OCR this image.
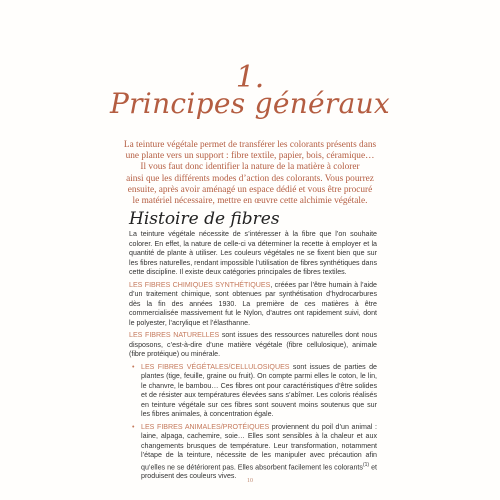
1.
Principes généraux
La teinture végétale permet de transférer les colorants présents dans
une plante vers un support : fibre textile, papier, bois, céramique…
Il vous faut donc identifier la nature de la matière à colorer
ainsi que les différents modes d’action des colorants. Vous pourrez
ensuite, après avoir aménagé un espace dédié et vous être procuré
le matériel nécessaire, mettre en œuvre cette alchimie végétale.
Histoire de fibres

La teinture végétale nécessite de s’intéresser à la fibre que l’on souhaite colorer. En effet, la nature de celle-ci va déterminer la recette à employer et la quantité de plante à utiliser. Les couleurs végétales ne se fixent bien que sur les fibres naturelles, rendant impossible l’utilisation de fibres synthétiques dans cette discipline. Il existe deux catégories principales de fibres textiles.

LES FIBRES CHIMIQUES SYNTHÉTIQUES, créées par l’être humain à l’aide d’un traitement chimique, sont obtenues par synthétisation d’hydrocarbures dès la fin des années 1930. La première de ces matières à être commercialisée massivement fut le Nylon, d’autres ont rapidement suivi, dont le polyester, l’acrylique et l’élasthanne.

LES FIBRES NATURELLES sont issues des ressources naturelles dont nous disposons, c’est-à-dire d’une matière végétale (fibre cellulosique), animale (fibre protéique) ou minérale.

• LES FIBRES VÉGÉTALES/CELLULOSIQUES sont issues de parties de plantes (tige, feuille, graine ou fruit). On compte parmi elles le coton, le lin, le chanvre, le bambou… Ces fibres ont pour caractéristiques d’être solides et de résister aux températures élevées sans s’abîmer. Les coloris réalisés en teinture végétale sur ces fibres sont souvent moins soutenus que sur les fibres animales, à concentration égale.
• LES FIBRES ANIMALES/PROTÉIQUES proviennent du poil d’un animal : laine, alpaga, cachemire, soie… Elles sont sensibles à la chaleur et aux changements brusques de température. Leur transformation, notamment l’étape de la teinture, nécessite de les manipuler avec précaution afin qu’elles ne se détériorent pas. Elles absorbent facilement les colorants$^{(1)}$ et produisent des couleurs vives.
10
